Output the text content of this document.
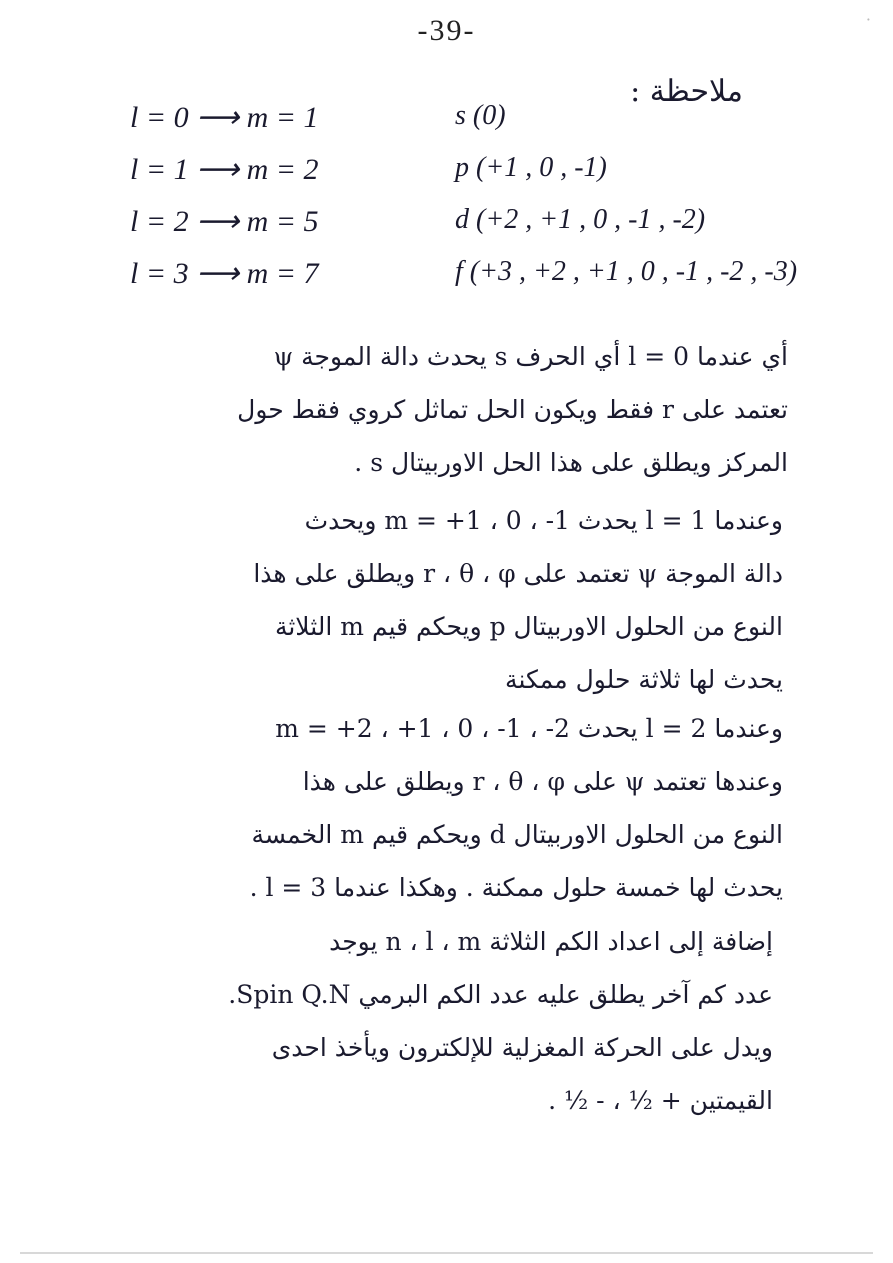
·
-39-
ملاحظة :
l = 0 ⟶ m = 1	s (0)
l = 1 ⟶ m = 2	p (+1 , 0 , -1)
l = 2 ⟶ m = 5	d (+2 , +1 , 0 , -1 , -2)
l = 3 ⟶ m = 7	f (+3 , +2 , +1 , 0 , -1 , -2 , -3)
أي عندما l = 0 أي الحرف s يحدث دالة الموجة ψ
تعتمد على r فقط ويكون الحل تماثل كروي فقط حول
المركز ويطلق على هذا الحل الاوربيتال s .
وعندما l = 1 يحدث m = +1 ، 0 ، -1 ويحدث
دالة الموجة ψ تعتمد على r ، θ ، φ ويطلق على هذا
النوع من الحلول الاوربيتال p ويحكم قيم m الثلاثة
يحدث لها ثلاثة حلول ممكنة
وعندما l = 2 يحدث m = +2 ، +1 ، 0 ، -1 ، -2
وعندها تعتمد ψ على r ، θ ، φ ويطلق على هذا
النوع من الحلول الاوربيتال d ويحكم قيم m الخمسة
يحدث لها خمسة حلول ممكنة . وهكذا عندما l = 3 .
إضافة إلى اعداد الكم الثلاثة n ، l ، m يوجد
عدد كم آخر يطلق عليه عدد الكم البرمي Spin Q.N.
ويدل على الحركة المغزلية للإلكترون ويأخذ احدى
القيمتين + ½ ، - ½ .
